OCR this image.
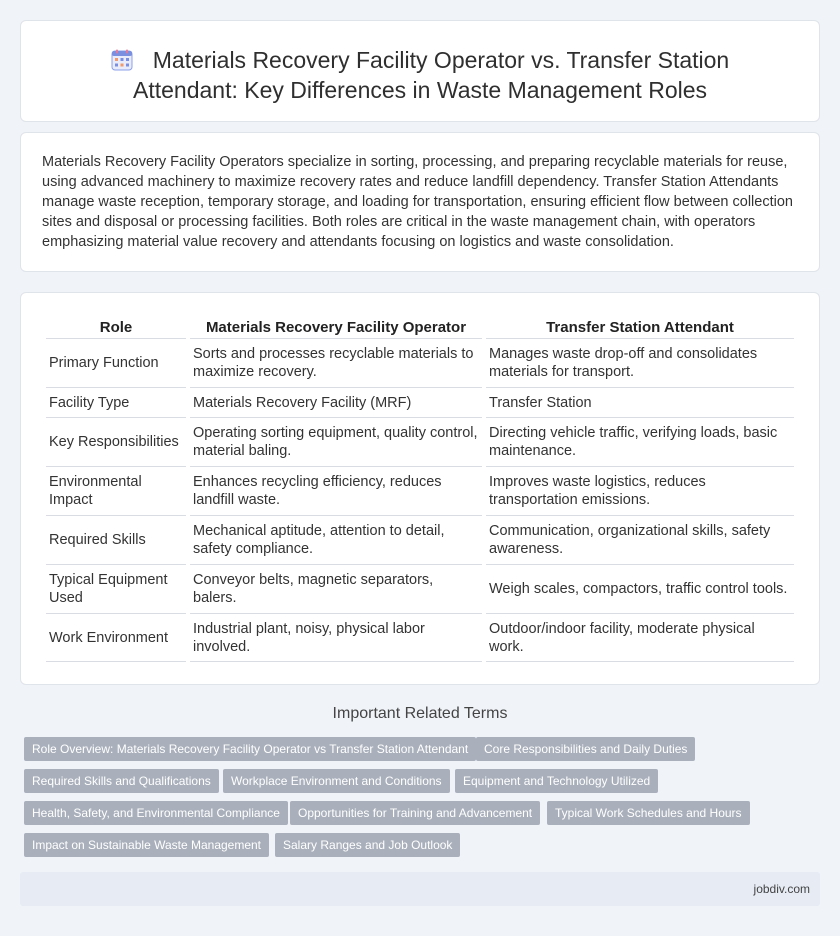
Materials Recovery Facility Operator vs. Transfer Station Attendant: Key Differences in Waste Management Roles

Materials Recovery Facility Operators specialize in sorting, processing, and preparing recyclable materials for reuse, using advanced machinery to maximize recovery rates and reduce landfill dependency. Transfer Station Attendants manage waste reception, temporary storage, and loading for transportation, ensuring efficient flow between collection sites and disposal or processing facilities. Both roles are critical in the waste management chain, with operators emphasizing material value recovery and attendants focusing on logistics and waste consolidation.

Role	Materials Recovery Facility Operator	Transfer Station Attendant
Primary Function	Sorts and processes recyclable materials to maximize recovery.	Manages waste drop-off and consolidates materials for transport.
Facility Type	Materials Recovery Facility (MRF)	Transfer Station
Key Responsibilities	Operating sorting equipment, quality control, material baling.	Directing vehicle traffic, verifying loads, basic maintenance.
Environmental Impact	Enhances recycling efficiency, reduces landfill waste.	Improves waste logistics, reduces transportation emissions.
Required Skills	Mechanical aptitude, attention to detail, safety compliance.	Communication, organizational skills, safety awareness.
Typical Equipment Used	Conveyor belts, magnetic separators, balers.	Weigh scales, compactors, traffic control tools.
Work Environment	Industrial plant, noisy, physical labor involved.	Outdoor/indoor facility, moderate physical work.
Important Related Terms
Role Overview: Materials Recovery Facility Operator vs Transfer Station Attendant	Core Responsibilities and Daily Duties
Required Skills and Qualifications	Workplace Environment and Conditions	Equipment and Technology Utilized
Health, Safety, and Environmental Compliance	Opportunities for Training and Advancement	Typical Work Schedules and Hours
Impact on Sustainable Waste Management	Salary Ranges and Job Outlook
jobdiv.com
